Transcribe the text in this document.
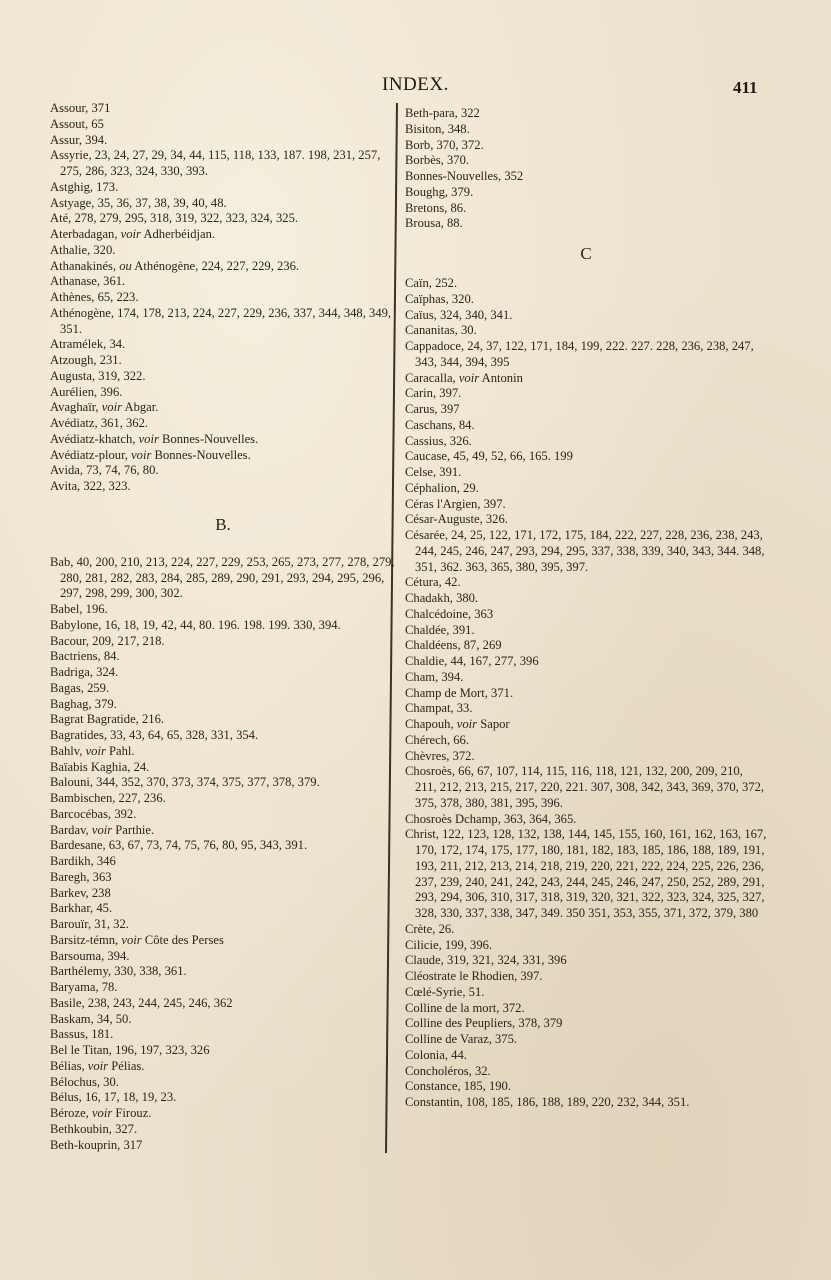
INDEX.	411
Assour, 371
Assout, 65
Assur, 394.
Assyrie, 23, 24, 27, 29, 34, 44, 115, 118, 133, 187. 198, 231, 257, 275, 286, 323, 324, 330, 393.
Astghig, 173.
Astyage, 35, 36, 37, 38, 39, 40, 48.
Até, 278, 279, 295, 318, 319, 322, 323, 324, 325.
Aterbadagan, voir Adherbéidjan.
Athalie, 320.
Athanakinés, ou Athénogène, 224, 227, 229, 236.
Athanase, 361.
Athènes, 65, 223.
Athénogène, 174, 178, 213, 224, 227, 229, 236, 337, 344, 348, 349, 351.
Atramélek, 34.
Atzough, 231.
Augusta, 319, 322.
Aurélien, 396.
Avaghaïr, voir Abgar.
Avédiatz, 361, 362.
Avédiatz-khatch, voir Bonnes-Nouvelles.
Avédiatz-plour, voir Bonnes-Nouvelles.
Avida, 73, 74, 76, 80.
Avita, 322, 323.
B.
Bab, 40, 200, 210, 213, 224, 227, 229, 253, 265, 273, 277, 278, 279, 280, 281, 282, 283, 284, 285, 289, 290, 291, 293, 294, 295, 296, 297, 298, 299, 300, 302.
Babel, 196.
Babylone, 16, 18, 19, 42, 44, 80. 196. 198. 199. 330, 394.
Bacour, 209, 217, 218.
Bactriens, 84.
Badriga, 324.
Bagas, 259.
Baghag, 379.
Bagrat Bagratide, 216.
Bagratides, 33, 43, 64, 65, 328, 331, 354.
Bahlv, voir Pahl.
Baïabis Kaghia, 24.
Balouni, 344, 352, 370, 373, 374, 375, 377, 378, 379.
Bambischen, 227, 236.
Barcocébas, 392.
Bardav, voir Parthie.
Bardesane, 63, 67, 73, 74, 75, 76, 80, 95, 343, 391.
Bardikh, 346
Baregh, 363
Barkev, 238
Barkhar, 45.
Barouïr, 31, 32.
Barsitz-témn, voir Côte des Perses
Barsouma, 394.
Barthélemy, 330, 338, 361.
Baryama, 78.
Basile, 238, 243, 244, 245, 246, 362
Baskam, 34, 50.
Bassus, 181.
Bel le Titan, 196, 197, 323, 326
Bélias, voir Pélias.
Bélochus, 30.
Bélus, 16, 17, 18, 19, 23.
Béroze, voir Firouz.
Bethkoubin, 327.
Beth-kouprin, 317
Beth-para, 322
Bisiton, 348.
Borb, 370, 372.
Borbès, 370.
Bonnes-Nouvelles, 352
Boughg, 379.
Bretons, 86.
Brousa, 88.
C
Caïn, 252.
Caïphas, 320.
Caïus, 324, 340, 341.
Cananitas, 30.
Cappadoce, 24, 37, 122, 171, 184, 199, 222. 227. 228, 236, 238, 247, 343, 344, 394, 395
Caracalla, voir Antonin
Carin, 397.
Carus, 397
Caschans, 84.
Cassius, 326.
Caucase, 45, 49, 52, 66, 165. 199
Celse, 391.
Céphalion, 29.
Céras l'Argien, 397.
César-Auguste, 326.
Césarée, 24, 25, 122, 171, 172, 175, 184, 222, 227, 228, 236, 238, 243, 244, 245, 246, 247, 293, 294, 295, 337, 338, 339, 340, 343, 344. 348, 351, 362. 363, 365, 380, 395, 397.
Cétura, 42.
Chadakh, 380.
Chalcédoine, 363
Chaldée, 391.
Chaldéens, 87, 269
Chaldie, 44, 167, 277, 396
Cham, 394.
Champ de Mort, 371.
Champat, 33.
Chapouh, voir Sapor
Chérech, 66.
Chèvres, 372.
Chosroès, 66, 67, 107, 114, 115, 116, 118, 121, 132, 200, 209, 210, 211, 212, 213, 215, 217, 220, 221. 307, 308, 342, 343, 369, 370, 372, 375, 378, 380, 381, 395, 396.
Chosroès Dchamp, 363, 364, 365.
Christ, 122, 123, 128, 132, 138, 144, 145, 155, 160, 161, 162, 163, 167, 170, 172, 174, 175, 177, 180, 181, 182, 183, 185, 186, 188, 189, 191, 193, 211, 212, 213, 214, 218, 219, 220, 221, 222, 224, 225, 226, 236, 237, 239, 240, 241, 242, 243, 244, 245, 246, 247, 250, 252, 289, 291, 293, 294, 306, 310, 317, 318, 319, 320, 321, 322, 323, 324, 325, 327, 328, 330, 337, 338, 347, 349. 350 351, 353, 355, 371, 372, 379, 380
Crète, 26.
Cilicie, 199, 396.
Claude, 319, 321, 324, 331, 396
Cléostrate le Rhodien, 397.
Cœlé-Syrie, 51.
Colline de la mort, 372.
Colline des Peupliers, 378, 379
Colline de Varaz, 375.
Colonia, 44.
Concholéros, 32.
Constance, 185, 190.
Constantin, 108, 185, 186, 188, 189, 220, 232, 344, 351.
